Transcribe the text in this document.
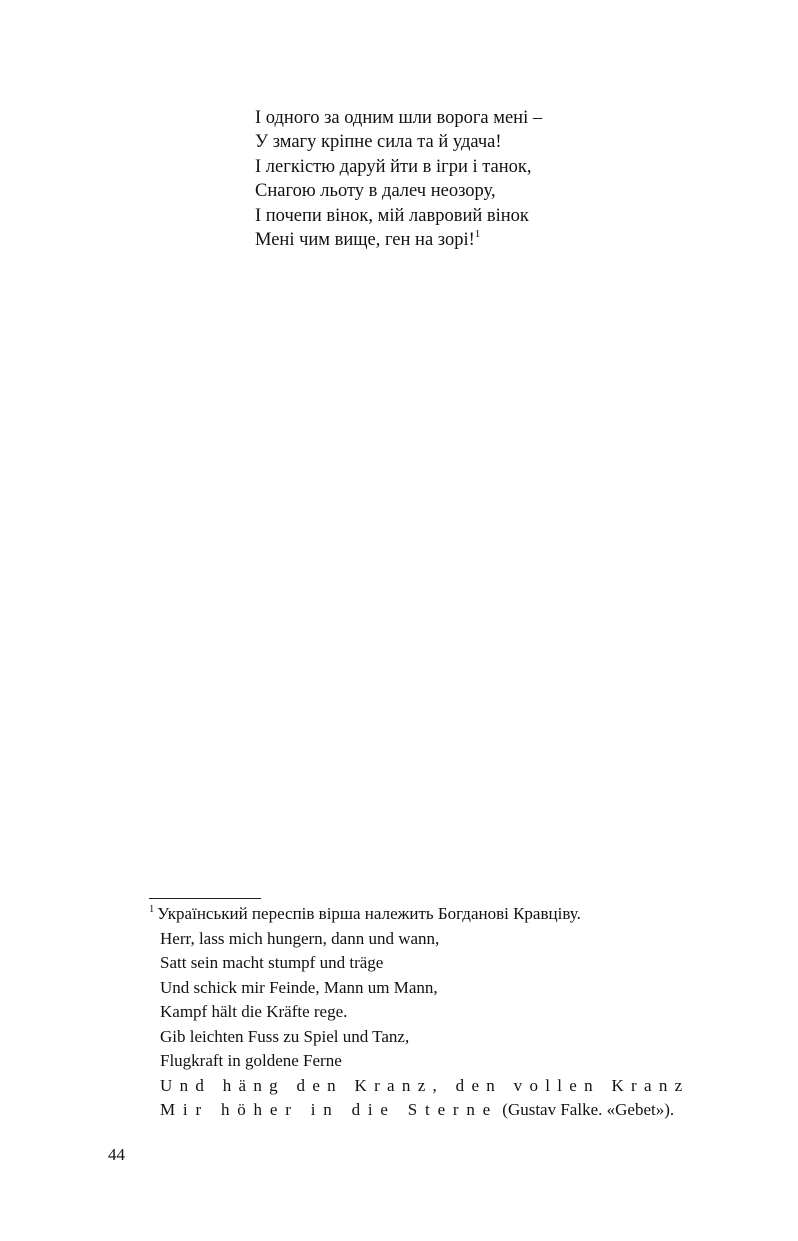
І одного за одним шли ворога мені –
У змагу кріпне сила та й удача!
І легкістю даруй йти в ігри і танок,
Снагою льоту в далеч неозору,
І почепи вінок, мій лавровий вінок
Мені чим вище, ген на зорі!$^1$
$^1$ Український переспів вірша належить Богданові Кравціву.
Herr, lass mich hungern, dann und wann,
Satt sein macht stumpf und träge
Und schick mir Feinde, Mann um Mann,
Kampf hält die Kräfte rege.
Gib leichten Fuss zu Spiel und Tanz,
Flugkraft in goldene Ferne
Und häng den Kranz, den vollen Kranz
Mir höher in die Sterne (Gustav Falke. «Gebet»).
44
